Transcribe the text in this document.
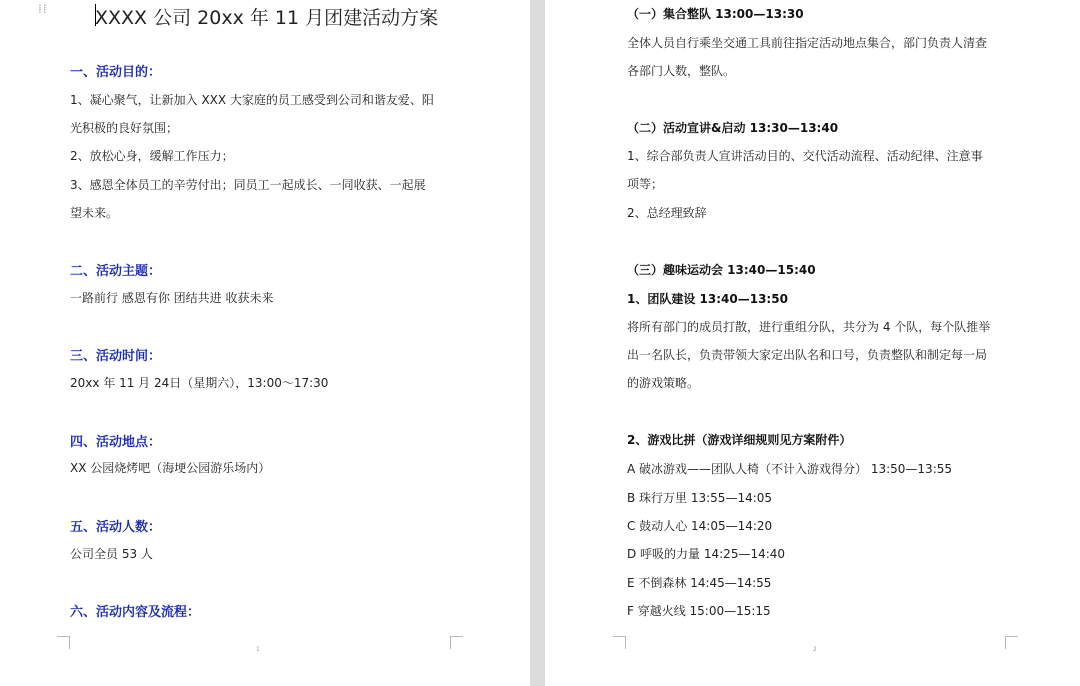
⁞⁞ XXXX 公司 20xx 年 11 月团建活动方案
一、活动目的：
1、凝心聚气，让新加入 XXX 大家庭的员工感受到公司和谐友爱、阳
光积极的良好氛围；
2、放松心身，缓解工作压力；
3、感恩全体员工的辛劳付出；同员工一起成长、一同收获、一起展
望未来。
二、活动主题：
一路前行 感恩有你 团结共进 收获未来
三、活动时间：
20xx 年 11 月 24日（星期六），13:00～17:30
四、活动地点：
XX 公园烧烤吧（海埂公园游乐场内）
五、活动人数：
公司全员 53 人
六、活动内容及流程：
1
（一）集合整队 13:00—13:30
全体人员自行乘坐交通工具前往指定活动地点集合，部门负责人清查
各部门人数，整队。
（二）活动宣讲&启动 13:30—13:40
1、综合部负责人宣讲活动目的、交代活动流程、活动纪律、注意事
项等；
2、总经理致辞
（三）趣味运动会 13:40—15:40
1、团队建设 13:40—13:50
将所有部门的成员打散，进行重组分队，共分为 4 个队，每个队推举
出一名队长，负责带领大家定出队名和口号，负责整队和制定每一局
的游戏策略。
2、游戏比拼（游戏详细规则见方案附件）
A 破冰游戏——团队人椅（不计入游戏得分） 13:50—13:55
B 珠行万里 13:55—14:05
C 鼓动人心 14:05—14:20
D 呼吸的力量 14:25—14:40
E 不倒森林 14:45—14:55
F 穿越火线 15:00—15:15
2
